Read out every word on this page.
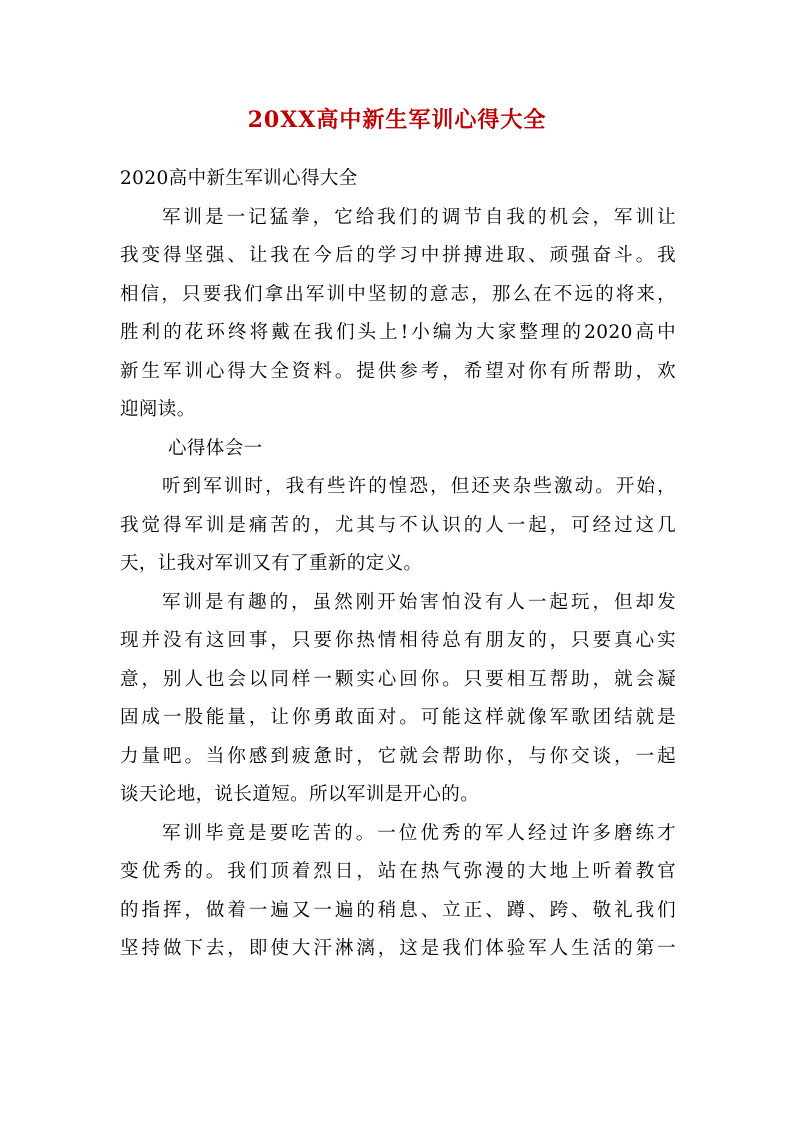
20XX高中新生军训心得大全
2020高中新生军训心得大全
军训是一记猛拳，它给我们的调节自我的机会，军训让
我变得坚强、让我在今后的学习中拼搏进取、顽强奋斗。我
相信，只要我们拿出军训中坚韧的意志，那么在不远的将来，
胜利的花环终将戴在我们头上!小编为大家整理的2020高中
新生军训心得大全资料。提供参考，希望对你有所帮助，欢
迎阅读。
心得体会一
听到军训时，我有些许的惶恐，但还夹杂些激动。开始，
我觉得军训是痛苦的，尤其与不认识的人一起，可经过这几
天，让我对军训又有了重新的定义。
军训是有趣的，虽然刚开始害怕没有人一起玩，但却发
现并没有这回事，只要你热情相待总有朋友的，只要真心实
意，别人也会以同样一颗实心回你。只要相互帮助，就会凝
固成一股能量，让你勇敢面对。可能这样就像军歌团结就是
力量吧。当你感到疲惫时，它就会帮助你，与你交谈，一起
谈天论地，说长道短。所以军训是开心的。
军训毕竟是要吃苦的。一位优秀的军人经过许多磨练才
变优秀的。我们顶着烈日，站在热气弥漫的大地上听着教官
的指挥，做着一遍又一遍的稍息、立正、蹲、跨、敬礼我们
坚持做下去，即使大汗淋漓，这是我们体验军人生活的第一
